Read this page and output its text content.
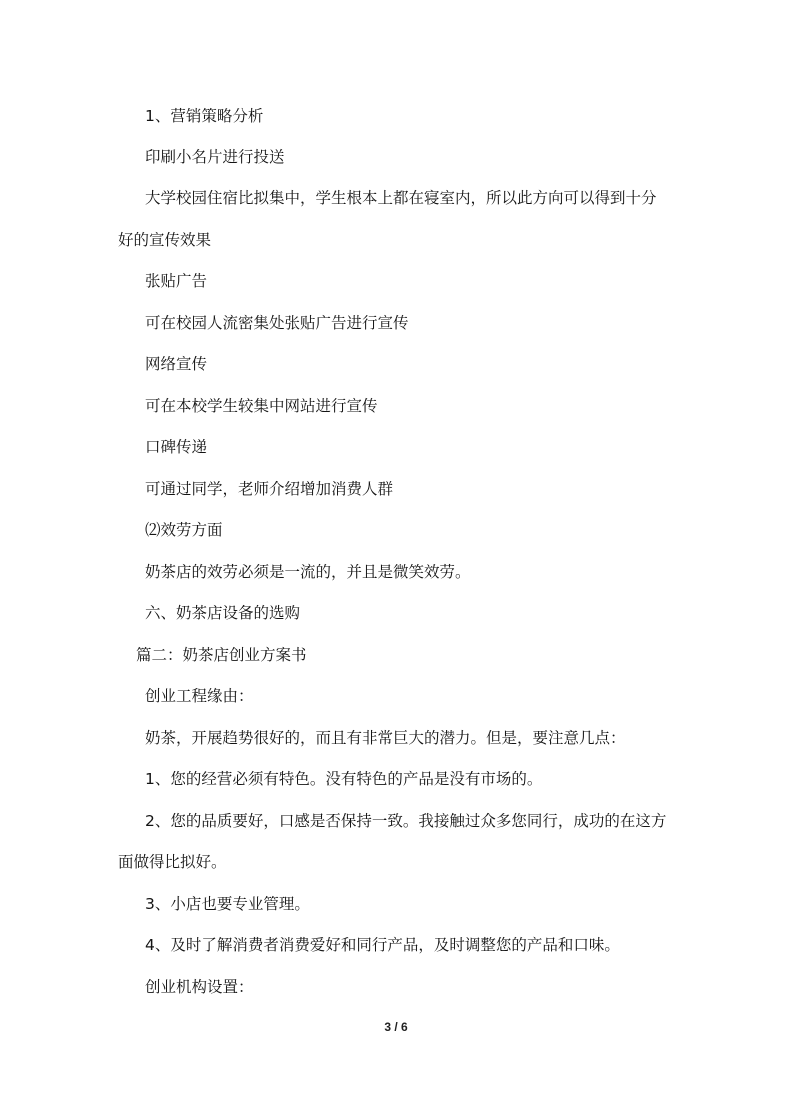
1、营销策略分析
印刷小名片进行投送
大学校园住宿比拟集中，学生根本上都在寝室内，所以此方向可以得到十分
好的宣传效果
张贴广告
可在校园人流密集处张贴广告进行宣传
网络宣传
可在本校学生较集中网站进行宣传
口碑传递
可通过同学，老师介绍增加消费人群
⑵效劳方面
奶茶店的效劳必须是一流的，并且是微笑效劳。
六、奶茶店设备的选购
篇二：奶茶店创业方案书
创业工程缘由：
奶茶，开展趋势很好的，而且有非常巨大的潜力。但是，要注意几点：
1、您的经营必须有特色。没有特色的产品是没有市场的。
2、您的品质要好，口感是否保持一致。我接触过众多您同行，成功的在这方
面做得比拟好。
3、小店也要专业管理。
4、及时了解消费者消费爱好和同行产品，及时调整您的产品和口味。
创业机构设置：
3 / 6
